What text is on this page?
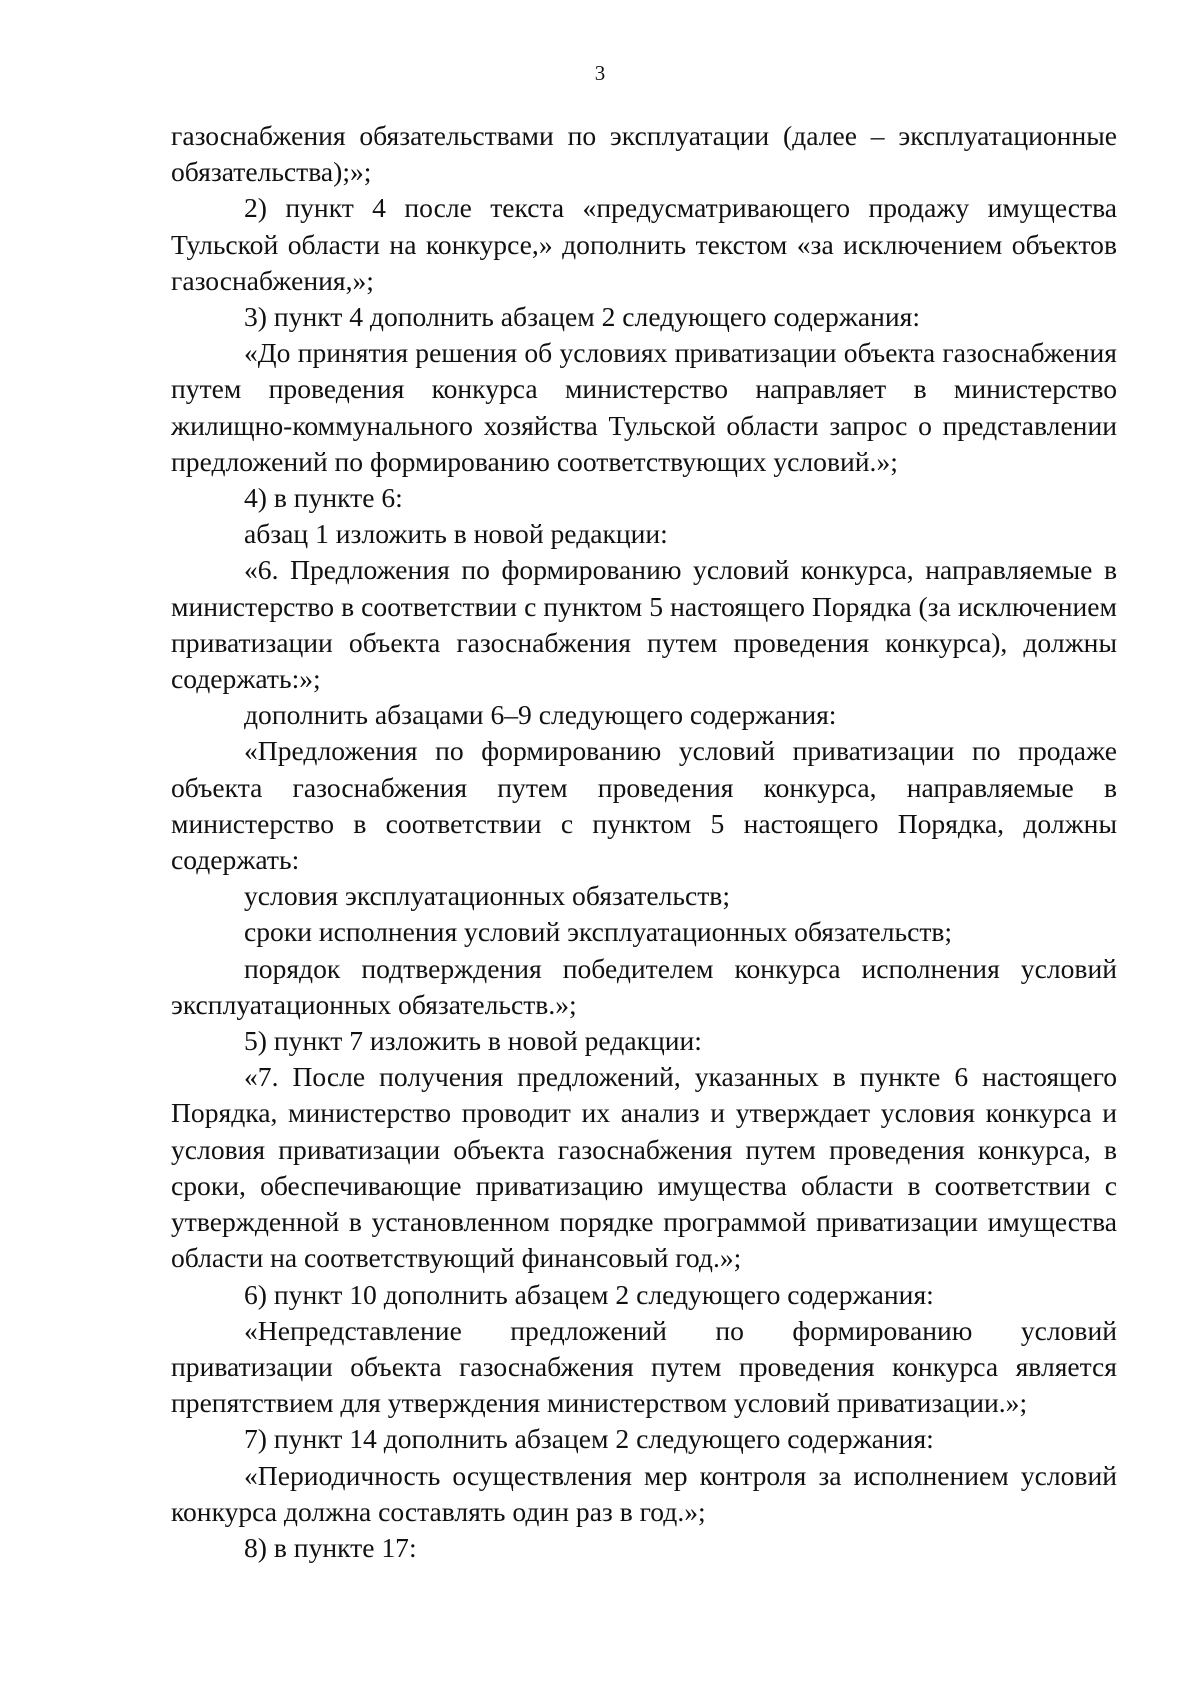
3

газоснабжения обязательствами по эксплуатации (далее – эксплуатационные обязательства);»;

2) пункт 4 после текста «предусматривающего продажу имущества Тульской области на конкурсе,» дополнить текстом «за исключением объектов газоснабжения,»;

3) пункт 4 дополнить абзацем 2 следующего содержания:

«До принятия решения об условиях приватизации объекта газоснабжения путем проведения конкурса министерство направляет в министерство жилищно-коммунального хозяйства Тульской области запрос о представлении предложений по формированию соответствующих условий.»;

4) в пункте 6:

абзац 1 изложить в новой редакции:

«6. Предложения по формированию условий конкурса, направляемые в министерство в соответствии с пунктом 5 настоящего Порядка (за исключением приватизации объекта газоснабжения путем проведения конкурса), должны содержать:»;

дополнить абзацами 6–9 следующего содержания:

«Предложения по формированию условий приватизации по продаже объекта газоснабжения путем проведения конкурса, направляемые в министерство в соответствии с пунктом 5 настоящего Порядка, должны содержать:

условия эксплуатационных обязательств;

сроки исполнения условий эксплуатационных обязательств;

порядок подтверждения победителем конкурса исполнения условий эксплуатационных обязательств.»;

5) пункт 7 изложить в новой редакции:

«7. После получения предложений, указанных в пункте 6 настоящего Порядка, министерство проводит их анализ и утверждает условия конкурса и условия приватизации объекта газоснабжения путем проведения конкурса, в сроки, обеспечивающие приватизацию имущества области в соответствии с утвержденной в установленном порядке программой приватизации имущества области на соответствующий финансовый год.»;

6) пункт 10 дополнить абзацем 2 следующего содержания:

«Непредставление предложений по формированию условий приватизации объекта газоснабжения путем проведения конкурса является препятствием для утверждения министерством условий приватизации.»;

7) пункт 14 дополнить абзацем 2 следующего содержания:

«Периодичность осуществления мер контроля за исполнением условий конкурса должна составлять один раз в год.»;

8) в пункте 17:
